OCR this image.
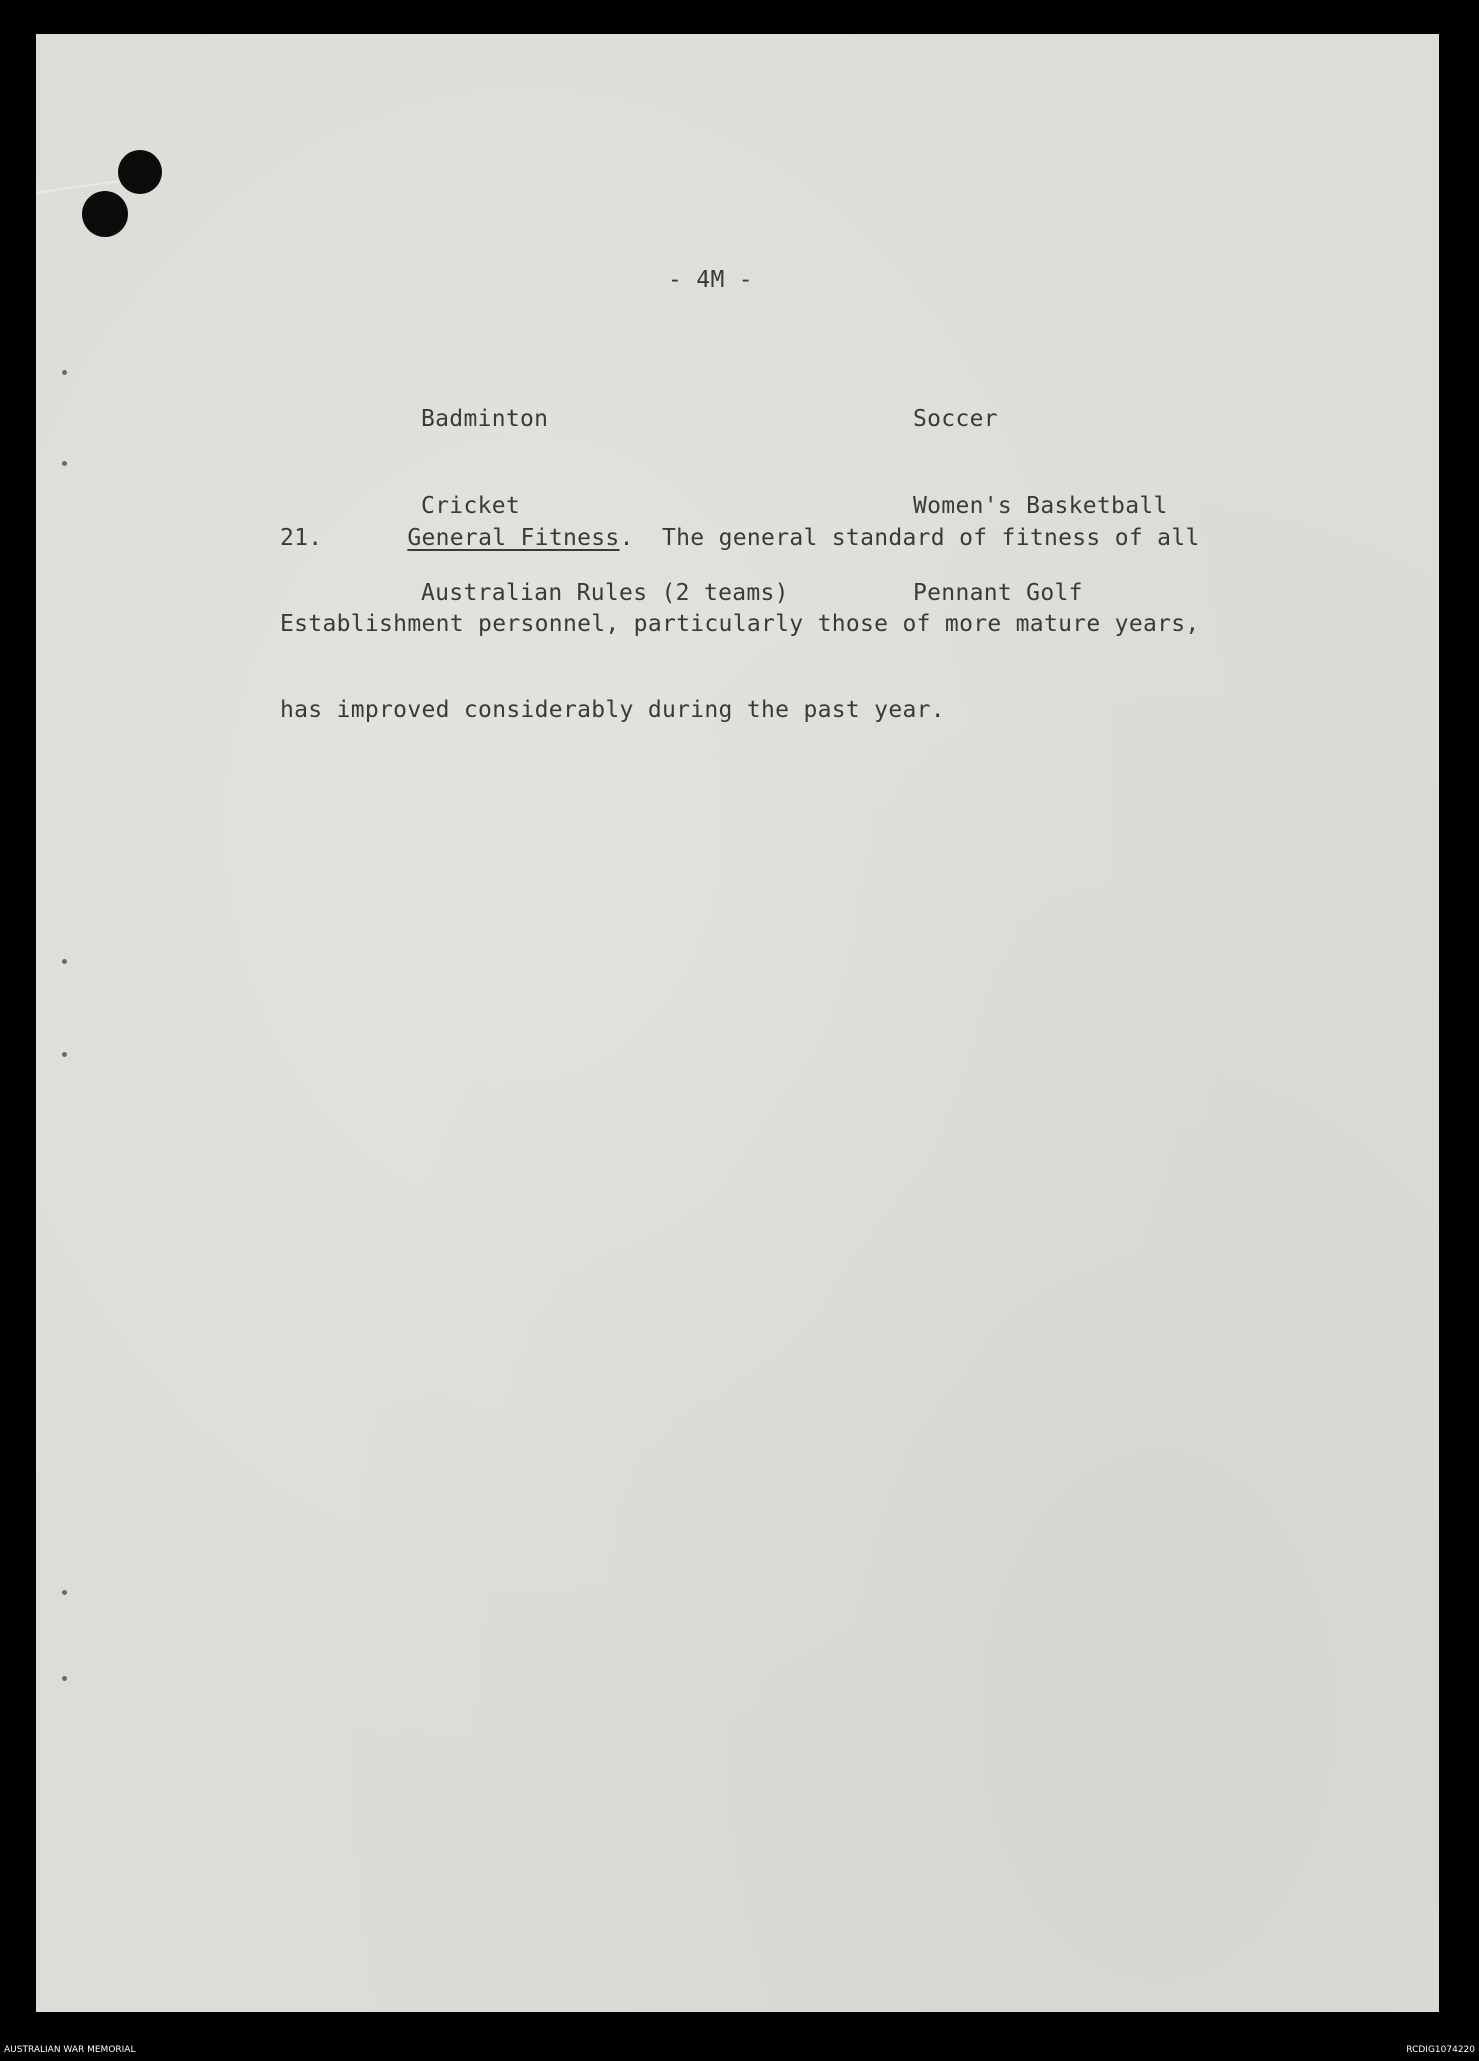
- 4M -

Badminton

Cricket

Australian Rules (2 teams)

Soccer

Women's Basketball

Pennant Golf

21.	General Fitness.  The general standard of fitness of all

Establishment personnel, particularly those of more mature years,

has improved considerably during the past year.

AUSTRALIAN WAR MEMORIAL	RCDIG1074220
